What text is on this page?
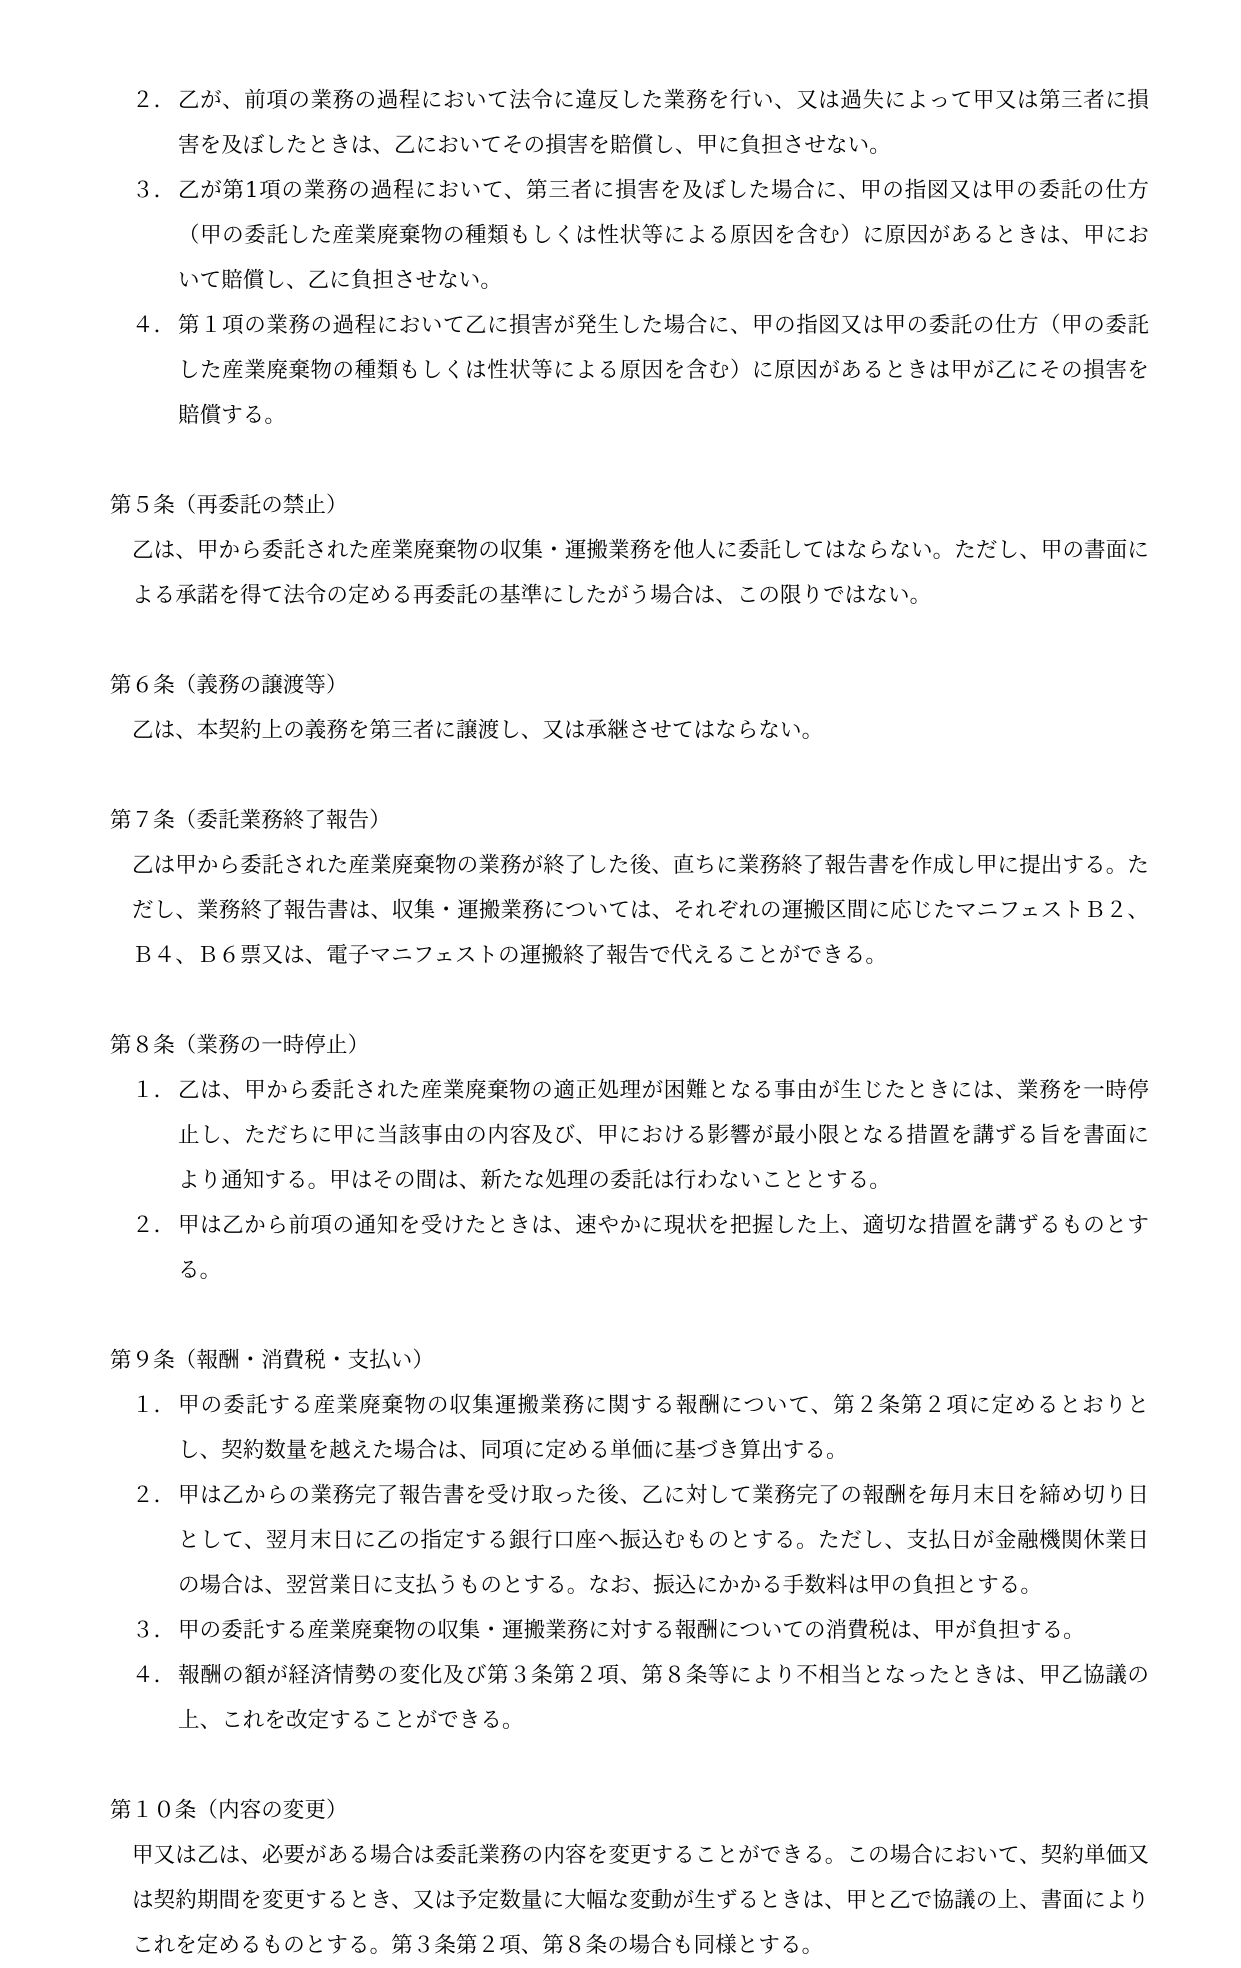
２． 乙が、前項の業務の過程において法令に違反した業務を行い、又は過失によって甲又は第三者に損害を及ぼしたときは、乙においてその損害を賠償し、甲に負担させない。
３． 乙が第1項の業務の過程において、第三者に損害を及ぼした場合に、甲の指図又は甲の委託の仕方（甲の委託した産業廃棄物の種類もしくは性状等による原因を含む）に原因があるときは、甲において賠償し、乙に負担させない。
４． 第１項の業務の過程において乙に損害が発生した場合に、甲の指図又は甲の委託の仕方（甲の委託した産業廃棄物の種類もしくは性状等による原因を含む）に原因があるときは甲が乙にその損害を賠償する。

第５条（再委託の禁止）

乙は、甲から委託された産業廃棄物の収集・運搬業務を他人に委託してはならない。ただし、甲の書面による承諾を得て法令の定める再委託の基準にしたがう場合は、この限りではない。

第６条（義務の譲渡等）

乙は、本契約上の義務を第三者に譲渡し、又は承継させてはならない。

第７条（委託業務終了報告）

乙は甲から委託された産業廃棄物の業務が終了した後、直ちに業務終了報告書を作成し甲に提出する。ただし、業務終了報告書は、収集・運搬業務については、それぞれの運搬区間に応じたマニフェストＢ２、Ｂ４、Ｂ６票又は、電子マニフェストの運搬終了報告で代えることができる。

第８条（業務の一時停止）

１． 乙は、甲から委託された産業廃棄物の適正処理が困難となる事由が生じたときには、業務を一時停止し、ただちに甲に当該事由の内容及び、甲における影響が最小限となる措置を講ずる旨を書面により通知する。甲はその間は、新たな処理の委託は行わないこととする。
２． 甲は乙から前項の通知を受けたときは、速やかに現状を把握した上、適切な措置を講ずるものとする。

第９条（報酬・消費税・支払い）

１． 甲の委託する産業廃棄物の収集運搬業務に関する報酬について、第２条第２項に定めるとおりとし、契約数量を越えた場合は、同項に定める単価に基づき算出する。
２． 甲は乙からの業務完了報告書を受け取った後、乙に対して業務完了の報酬を毎月末日を締め切り日として、翌月末日に乙の指定する銀行口座へ振込むものとする。ただし、支払日が金融機関休業日の場合は、翌営業日に支払うものとする。なお、振込にかかる手数料は甲の負担とする。
３． 甲の委託する産業廃棄物の収集・運搬業務に対する報酬についての消費税は、甲が負担する。
４． 報酬の額が経済情勢の変化及び第３条第２項、第８条等により不相当となったときは、甲乙協議の上、これを改定することができる。

第１０条（内容の変更）

甲又は乙は、必要がある場合は委託業務の内容を変更することができる。この場合において、契約単価又は契約期間を変更するとき、又は予定数量に大幅な変動が生ずるときは、甲と乙で協議の上、書面によりこれを定めるものとする。第３条第２項、第８条の場合も同様とする。
